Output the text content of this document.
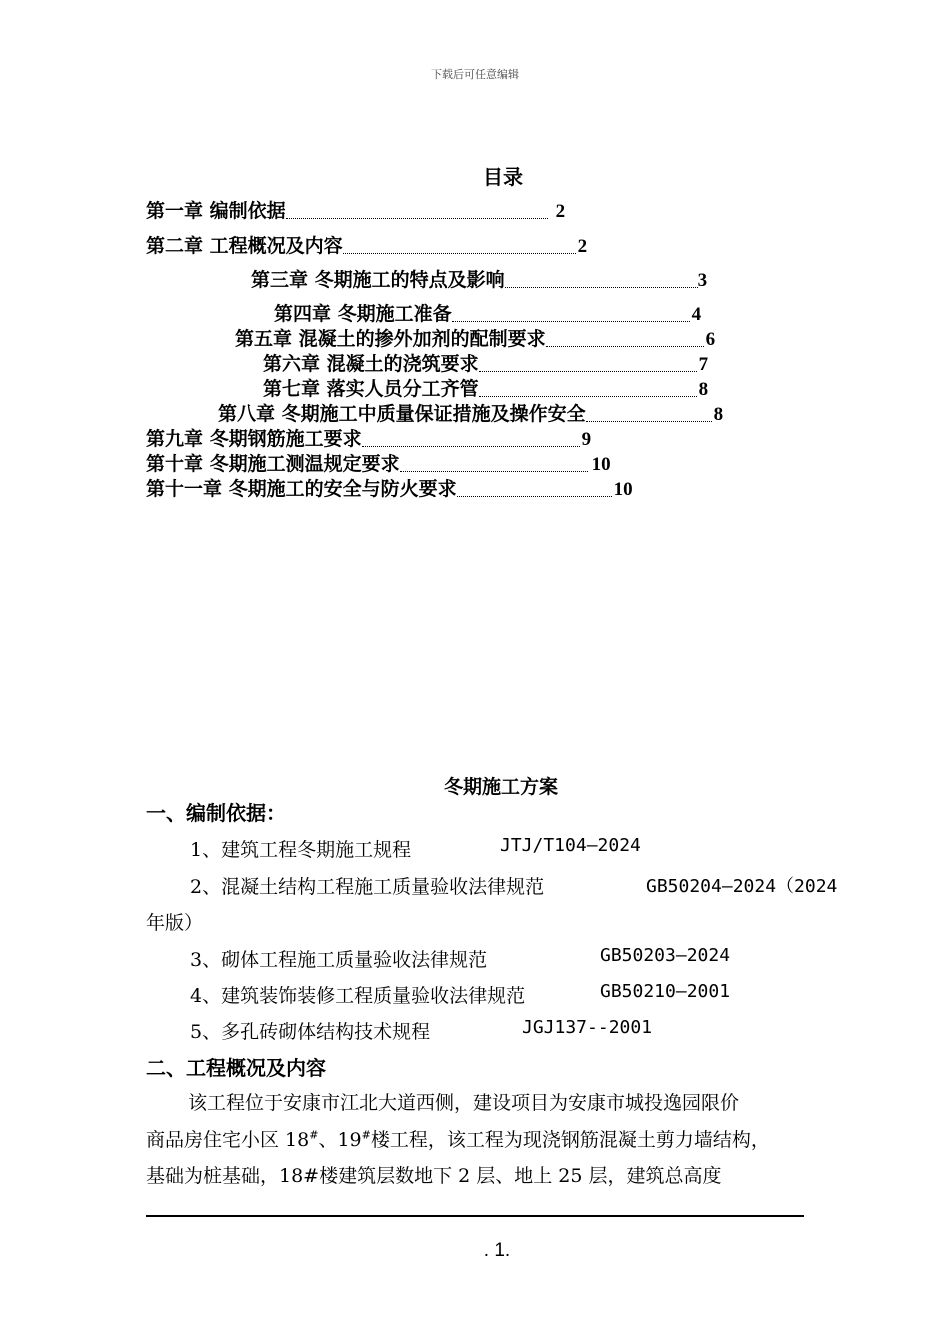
下载后可任意编辑
目录
第一章 编制依据	2
第二章 工程概况及内容	2
第三章 冬期施工的特点及影响	3
第四章 冬期施工准备	4
第五章 混凝土的掺外加剂的配制要求	6
第六章 混凝土的浇筑要求	7
第七章 落实人员分工齐管	8
第八章 冬期施工中质量保证措施及操作安全	8
第九章 冬期钢筋施工要求	9
第十章 冬期施工测温规定要求	10
第十一章 冬期施工的安全与防火要求	10
冬期施工方案
一、编制依据：
1、建筑工程冬期施工规程	JTJ/T104—2024
2、混凝土结构工程施工质量验收法律规范	GB50204—2024（2024
年版）
3、砌体工程施工质量验收法律规范	GB50203—2024
4、建筑装饰装修工程质量验收法律规范	GB50210—2001
5、多孔砖砌体结构技术规程	JGJ137--2001
二、工程概况及内容
该工程位于安康市江北大道西侧，建设项目为安康市城投逸园限价
商品房住宅小区 18#、19#楼工程，该工程为现浇钢筋混凝土剪力墙结构，
基础为桩基础，18#楼建筑层数地下 2 层、地上 25 层，建筑总高度
. 1.
